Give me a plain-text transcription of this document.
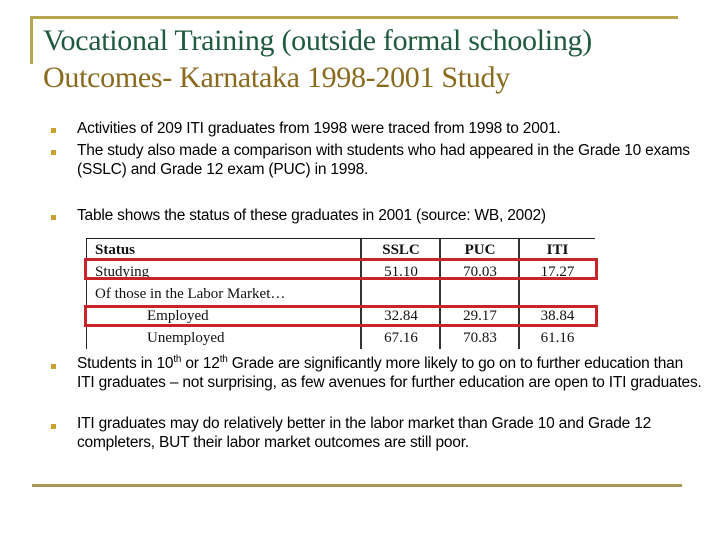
Vocational Training (outside formal schooling)
Outcomes- Karnataka 1998-2001 Study
Activities of 209 ITI graduates from 1998 were traced from 1998 to 2001.
The study also made a comparison with students who had appeared in the Grade 10 exams (SSLC) and Grade 12 exam (PUC) in 1998.
Table shows the status of these graduates in 2001 (source: WB, 2002)
Status	SSLC	PUC	ITI
Studying	51.10	70.03	17.27
Of those in the Labor Market…
Employed	32.84	29.17	38.84
Unemployed	67.16	70.83	61.16
Students in 10th or 12th Grade are significantly more likely to go on to further education than ITI graduates – not surprising, as few avenues for further education are open to ITI graduates.
ITI graduates may do relatively better in the labor market than Grade 10 and Grade 12 completers, BUT their labor market outcomes are still poor.
